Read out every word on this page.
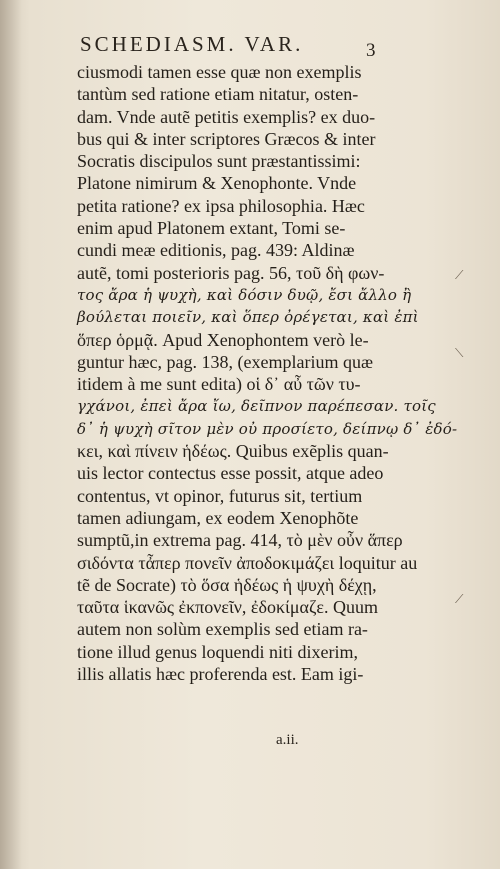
SCHEDIASM. VAR.	3
ciusmodi tamen esse quæ non exemplis
tantùm sed ratione etiam nitatur, osten-
dam. Vnde autẽ petitis exemplis? ex duo-
bus qui & inter scriptores Græcos & inter
Socratis discipulos sunt præstantissimi:
Platone nimirum & Xenophonte. Vnde
petita ratione? ex ipsa philosophia. Hæc
enim apud Platonem extant, Tomi se-
cundi meæ editionis, pag. 439: Aldinæ
autẽ, tomi posterioris pag. 56, τοῦ δὴ φων-
τος ἄρα ἡ ψυχὴ, καὶ δόσιν δυῷ, ἔσι ἄλλο ἢ
βούλεται ποιεῖν, καὶ ὅπερ ὀρέγεται, καὶ ἐπὶ
ὅπερ ὁρμᾷ. Apud Xenophontem verò le-
guntur hæc, pag. 138, (exemplarium quæ
itidem à me sunt edita) οἱ δ᾽ αὖ τῶν τυ-
γχάνοι, ἐπεὶ ἄρα ἴω, δεῖπνον παρέπεσαν. τοῖς
δ᾽ ἡ ψυχὴ σῖτον μὲν οὐ προσίετο, δείπνῳ δ᾽ ἐδό-
κει, καὶ πίνειν ἡδέως. Quibus exẽplis quan-
uis lector contectus esse possit, atque adeo
contentus, vt opinor, futurus sit, tertium
tamen adiungam, ex eodem Xenophõte
sumptũ,in extrema pag. 414, τὸ μὲν οὖν ἅπερ
σιδόντα τἆπερ πονεῖν ἀποδοκιμάζει loquitur au
tẽ de Socrate) τὸ ὅσα ἡδέως ἡ ψυχὴ δέχῃ,
ταῦτα ἱκανῶς ἐκπονεῖν, ἐδοκίμαζε. Quum
autem non solùm exemplis sed etiam ra-
tione illud genus loquendi niti dixerim,
illis allatis hæc proferenda est. Eam igi-
a.ii.
⟋
⟍
⟋
